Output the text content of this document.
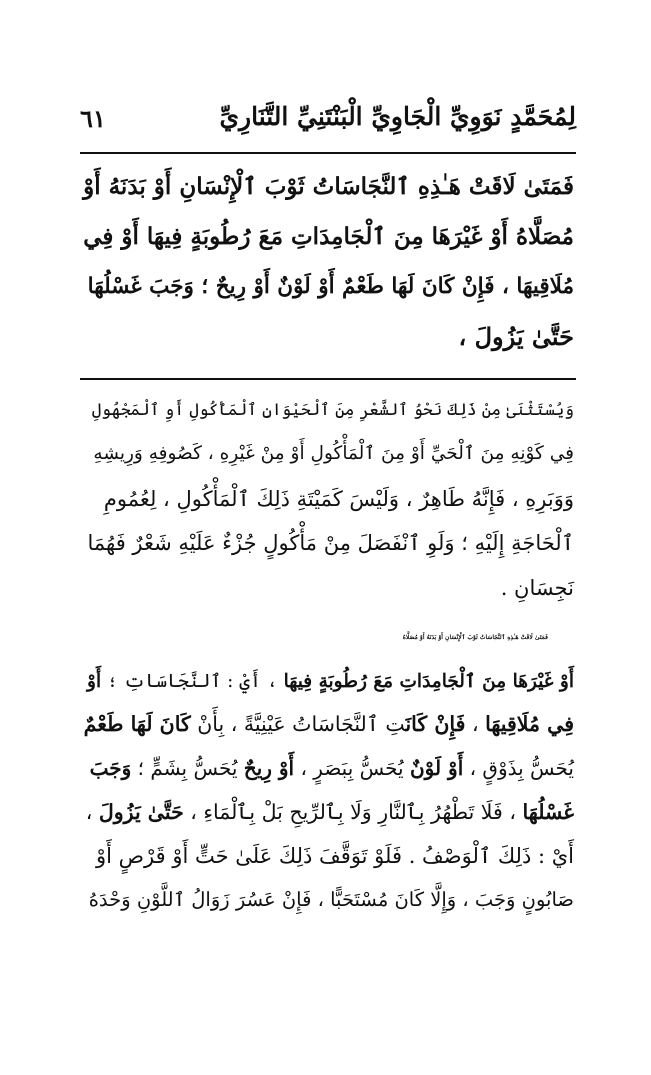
لِمُحَمَّدٍ نَوَوِيِّ الْجَاوِيِّ الْبَنْتَنِيِّ التَّنَارِيِّ
٦١
فَمَتَىٰ لَاقَتْ هَـٰذِهِ ٱلنَّجَاسَاتُ ثَوْبَ ٱلْإِنْسَانِ أَوْ بَدَنَهُ أَوْ
مُصَلَّاهُ أَوْ غَيْرَهَا مِنَ ٱلْجَامِدَاتِ مَعَ رُطُوبَةٍ فِيهَا أَوْ فِي
مُلَاقِيهَا ، فَإِنْ كَانَ لَهَا طَعْمٌ أَوْ لَوْنٌ أَوْ رِيحٌ ؛ وَجَبَ غَسْلُهَا
حَتَّىٰ يَزُولَ ،
وَيُسْتَثْنَىٰ مِنْ ذَلِكَ نَحْوُ ٱلشَّعْرِ مِنَ ٱلْحَيْوَانِ ٱلْمَأْكُولِ أَوِ ٱلْمَجْهُولِ
فِي كَوْنِهِ مِنَ ٱلْحَيِّ أَوْ مِنَ ٱلْمَأْكُولِ أَوْ مِنْ غَيْرِهِ ، كَصُوفِهِ وَرِيشِهِ
وَوَبَرِهِ ، فَإِنَّهُ طَاهِرٌ ، وَلَيْسَ كَمَيْتَةِ ذَلِكَ ٱلْمَأْكُولِ ، لِعُمُومِ
ٱلْحَاجَةِ إِلَيْهِ ؛ وَلَوِ ٱنْفَصَلَ مِنْ مَأْكُولٍ جُزْءٌ عَلَيْهِ شَعْرٌ فَهُمَا
نَجِسَانِ .
فَمَتَىٰ لَاقَتْ هَـٰذِهِ ٱلنَّجَاسَاتُ ثَوْبَ ٱلْإِنْسَانِ أَوْ بَدَنَهُ أَوْ مُصَلَّاهُ
أَوْ غَيْرَهَا مِنَ ٱلْجَامِدَاتِ مَعَ رُطُوبَةٍ فِيهَا ، أَيْ : ٱلنَّجَاسَاتِ ؛ أَوْ
فِي مُلَاقِيهَا ، فَإِنْ كَانَتِ ٱلنَّجَاسَاتُ عَيْنِيَّةً ، بِأَنْ كَانَ لَهَا طَعْمٌ
يُحَسُّ بِذَوْقٍ ، أَوْ لَوْنٌ يُحَسُّ بِبَصَرٍ ، أَوْ رِيحٌ يُحَسُّ بِشَمٍّ ؛ وَجَبَ
غَسْلُهَا ، فَلَا تَطْهُرُ بِٱلنَّارِ وَلَا بِٱلرِّيحِ بَلْ بِٱلْمَاءِ ، حَتَّىٰ يَزُولَ ،
أَيْ : ذَلِكَ ٱلْوَصْفُ . فَلَوْ تَوَقَّفَ ذَلِكَ عَلَىٰ حَتٍّ أَوْ قَرْصٍ أَوْ
صَابُونٍ وَجَبَ ، وَإِلَّا كَانَ مُسْتَحَبًّا ، فَإِنْ عَسُرَ زَوَالُ ٱللَّوْنِ وَحْدَهُ
